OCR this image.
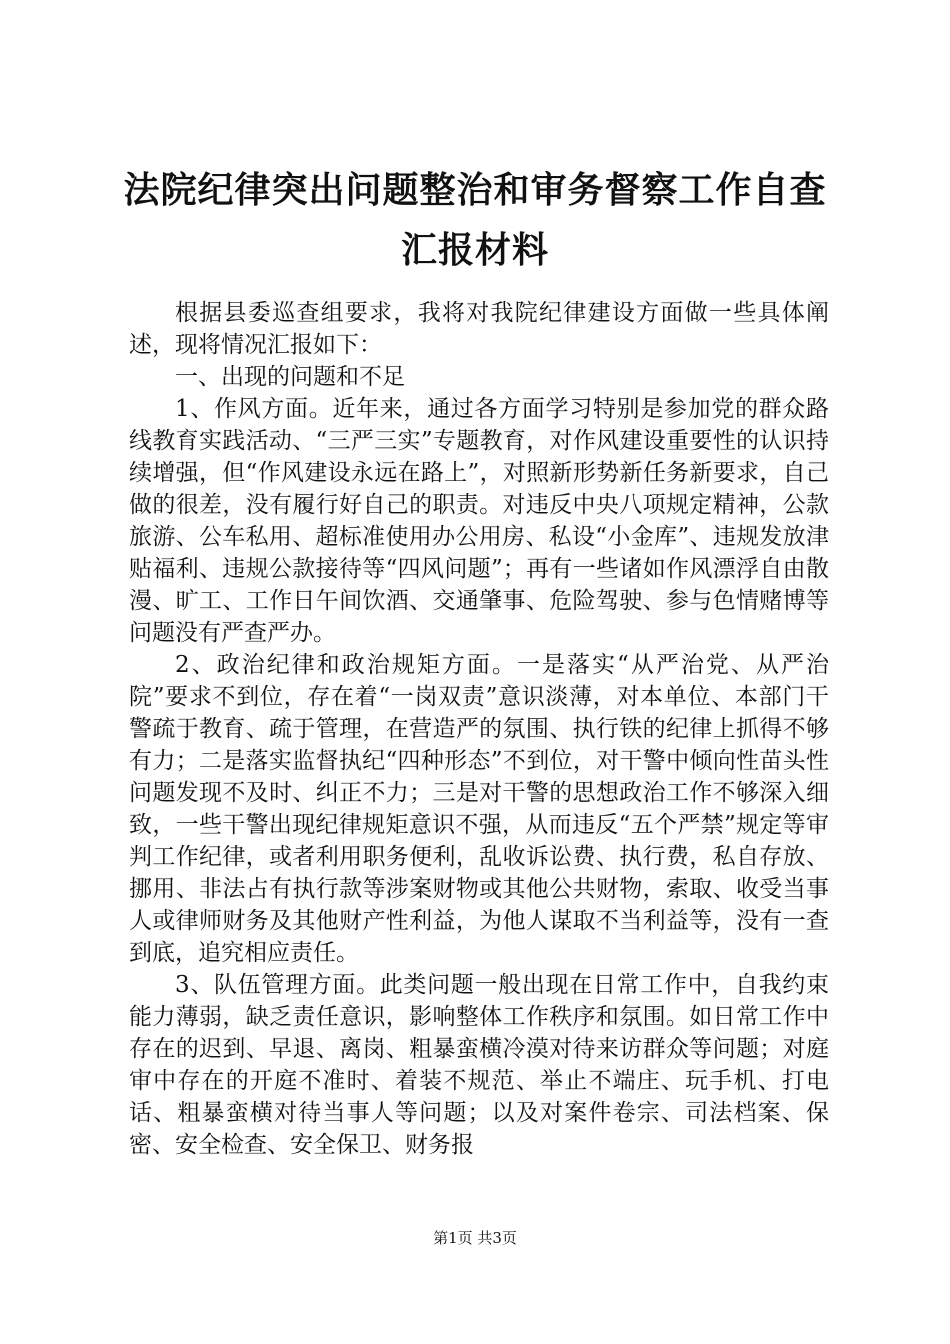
法院纪律突出问题整治和审务督察工作自查汇报材料

根据县委巡查组要求，我将对我院纪律建设方面做一些具体阐述，现将情况汇报如下：

一、出现的问题和不足

1、作风方面。近年来，通过各方面学习特别是参加党的群众路线教育实践活动、“三严三实”专题教育，对作风建设重要性的认识持续增强，但“作风建设永远在路上”，对照新形势新任务新要求，自己做的很差，没有履行好自己的职责。对违反中央八项规定精神，公款旅游、公车私用、超标准使用办公用房、私设“小金库”、违规发放津贴福利、违规公款接待等“四风问题”；再有一些诸如作风漂浮自由散漫、旷工、工作日午间饮酒、交通肇事、危险驾驶、参与色情赌博等问题没有严查严办。

2、政治纪律和政治规矩方面。一是落实“从严治党、从严治院”要求不到位，存在着“一岗双责”意识淡薄，对本单位、本部门干警疏于教育、疏于管理，在营造严的氛围、执行铁的纪律上抓得不够有力；二是落实监督执纪“四种形态”不到位，对干警中倾向性苗头性问题发现不及时、纠正不力；三是对干警的思想政治工作不够深入细致，一些干警出现纪律规矩意识不强，从而违反“五个严禁”规定等审判工作纪律，或者利用职务便利，乱收诉讼费、执行费，私自存放、挪用、非法占有执行款等涉案财物或其他公共财物，索取、收受当事人或律师财务及其他财产性利益，为他人谋取不当利益等，没有一查到底，追究相应责任。

3、队伍管理方面。此类问题一般出现在日常工作中，自我约束能力薄弱，缺乏责任意识，影响整体工作秩序和氛围。如日常工作中存在的迟到、早退、离岗、粗暴蛮横冷漠对待来访群众等问题；对庭审中存在的开庭不准时、着装不规范、举止不端庄、玩手机、打电话、粗暴蛮横对待当事人等问题；以及对案件卷宗、司法档案、保密、安全检查、安全保卫、财务报

第1页 共3页
